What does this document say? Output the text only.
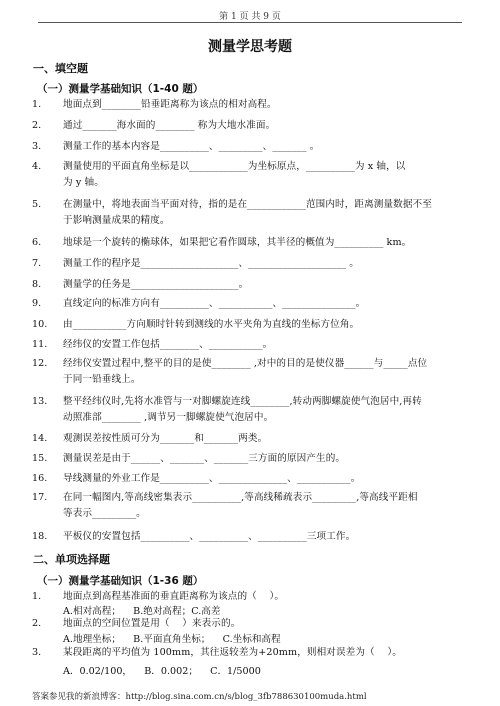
第 1 页 共 9 页
测量学思考题
一、填空题
（一）测量学基础知识（1-40 题）
1.	地面点到________铅垂距离称为该点的相对高程。
2.	通过_______海水面的________ 称为大地水准面。
3.	测量工作的基本内容是__________、_________、_______ 。
4.	测量使用的平面直角坐标是以____________为坐标原点，__________为 x 轴，以
为 y 轴。
5.	在测量中，将地表面当平面对待，指的是在____________范围内时，距离测量数据不至
于影响测量成果的精度。
6.	地球是一个旋转的椭球体，如果把它看作圆球，其半径的概值为__________ km。
7.	测量工作的程序是____________________、____________________ 。
8.	测量学的任务是______________________。
9.	直线定向的标准方向有__________、___________、_______________。
10.	由___________方向顺时针转到测线的水平夹角为直线的坐标方位角。
11.	经纬仪的安置工作包括________、___________。
12.	经纬仪安置过程中,整平的目的是使________ ,对中的目的是使仪器______与_____点位
于同一铅垂线上。
13.	整平经纬仪时,先将水准管与一对脚螺旋连线________,转动两脚螺旋使气泡居中,再转
动照准部________ ,调节另一脚螺旋使气泡居中。
14.	观测误差按性质可分为_______和_______两类。
15.	测量误差是由于______、_______、_______三方面的原因产生的。
16.	导线测量的外业工作是__________、______________、___________。
17.	在同一幅图内,等高线密集表示__________,等高线稀疏表示_________,等高线平距相
等表示_________。
18.	平板仪的安置包括__________、__________、__________三项工作。
二、单项选择题
（一）测量学基础知识（1-36 题）
1.	地面点到高程基准面的垂直距离称为该点的（    ）。
A.相对高程；    B.绝对高程；C.高差
2.	地面点的空间位置是用（    ）来表示的。
A.地理坐标；    B.平面直角坐标；    C.坐标和高程
3.	某段距离的平均值为 100mm，其往返较差为+20mm，则相对误差为（    ）。
A．0.02/100，    B．0.002；    C．1/5000
答案参见我的新浪博客：http://blog.sina.com.cn/s/blog_3fb788630100muda.html
